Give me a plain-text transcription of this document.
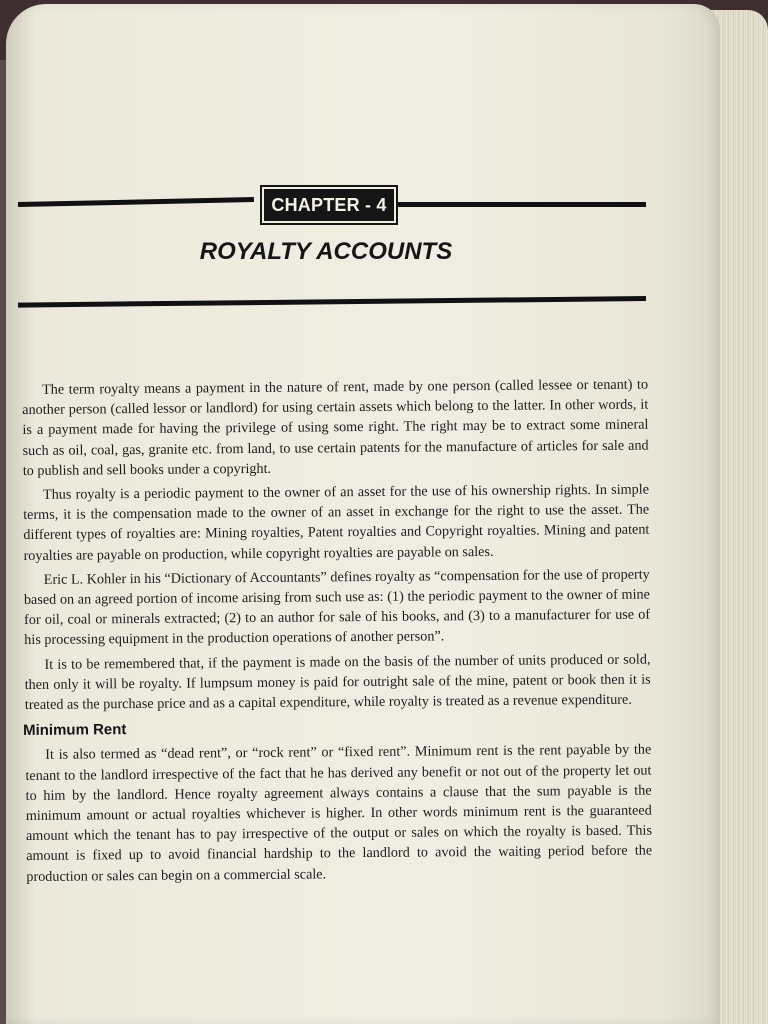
CHAPTER - 4
ROYALTY ACCOUNTS

The term royalty means a payment in the nature of rent, made by one person (called lessee or tenant) to another person (called lessor or landlord) for using certain assets which belong to the latter. In other words, it is a payment made for having the privilege of using some right. The right may be to extract some mineral such as oil, coal, gas, granite etc. from land, to use certain patents for the manufacture of articles for sale and to publish and sell books under a copyright.

Thus royalty is a periodic payment to the owner of an asset for the use of his ownership rights. In simple terms, it is the compensation made to the owner of an asset in exchange for the right to use the asset. The different types of royalties are: Mining royalties, Patent royalties and Copyright royalties. Mining and patent royalties are payable on production, while copyright royalties are payable on sales.

Eric L. Kohler in his “Dictionary of Accountants” defines royalty as “compensation for the use of property based on an agreed portion of income arising from such use as: (1) the periodic payment to the owner of mine for oil, coal or minerals extracted; (2) to an author for sale of his books, and (3) to a manufacturer for use of his processing equipment in the production operations of another person”.

It is to be remembered that, if the payment is made on the basis of the number of units produced or sold, then only it will be royalty. If lumpsum money is paid for outright sale of the mine, patent or book then it is treated as the purchase price and as a capital expenditure, while royalty is treated as a revenue expenditure.

Minimum Rent

It is also termed as “dead rent”, or “rock rent” or “fixed rent”. Minimum rent is the rent payable by the tenant to the landlord irrespective of the fact that he has derived any benefit or not out of the property let out to him by the landlord. Hence royalty agreement always contains a clause that the sum payable is the minimum amount or actual royalties whichever is higher. In other words minimum rent is the guaranteed amount which the tenant has to pay irrespective of the output or sales on which the royalty is based. This amount is fixed up to avoid financial hardship to the landlord to avoid the waiting period before the production or sales can begin on a commercial scale.
